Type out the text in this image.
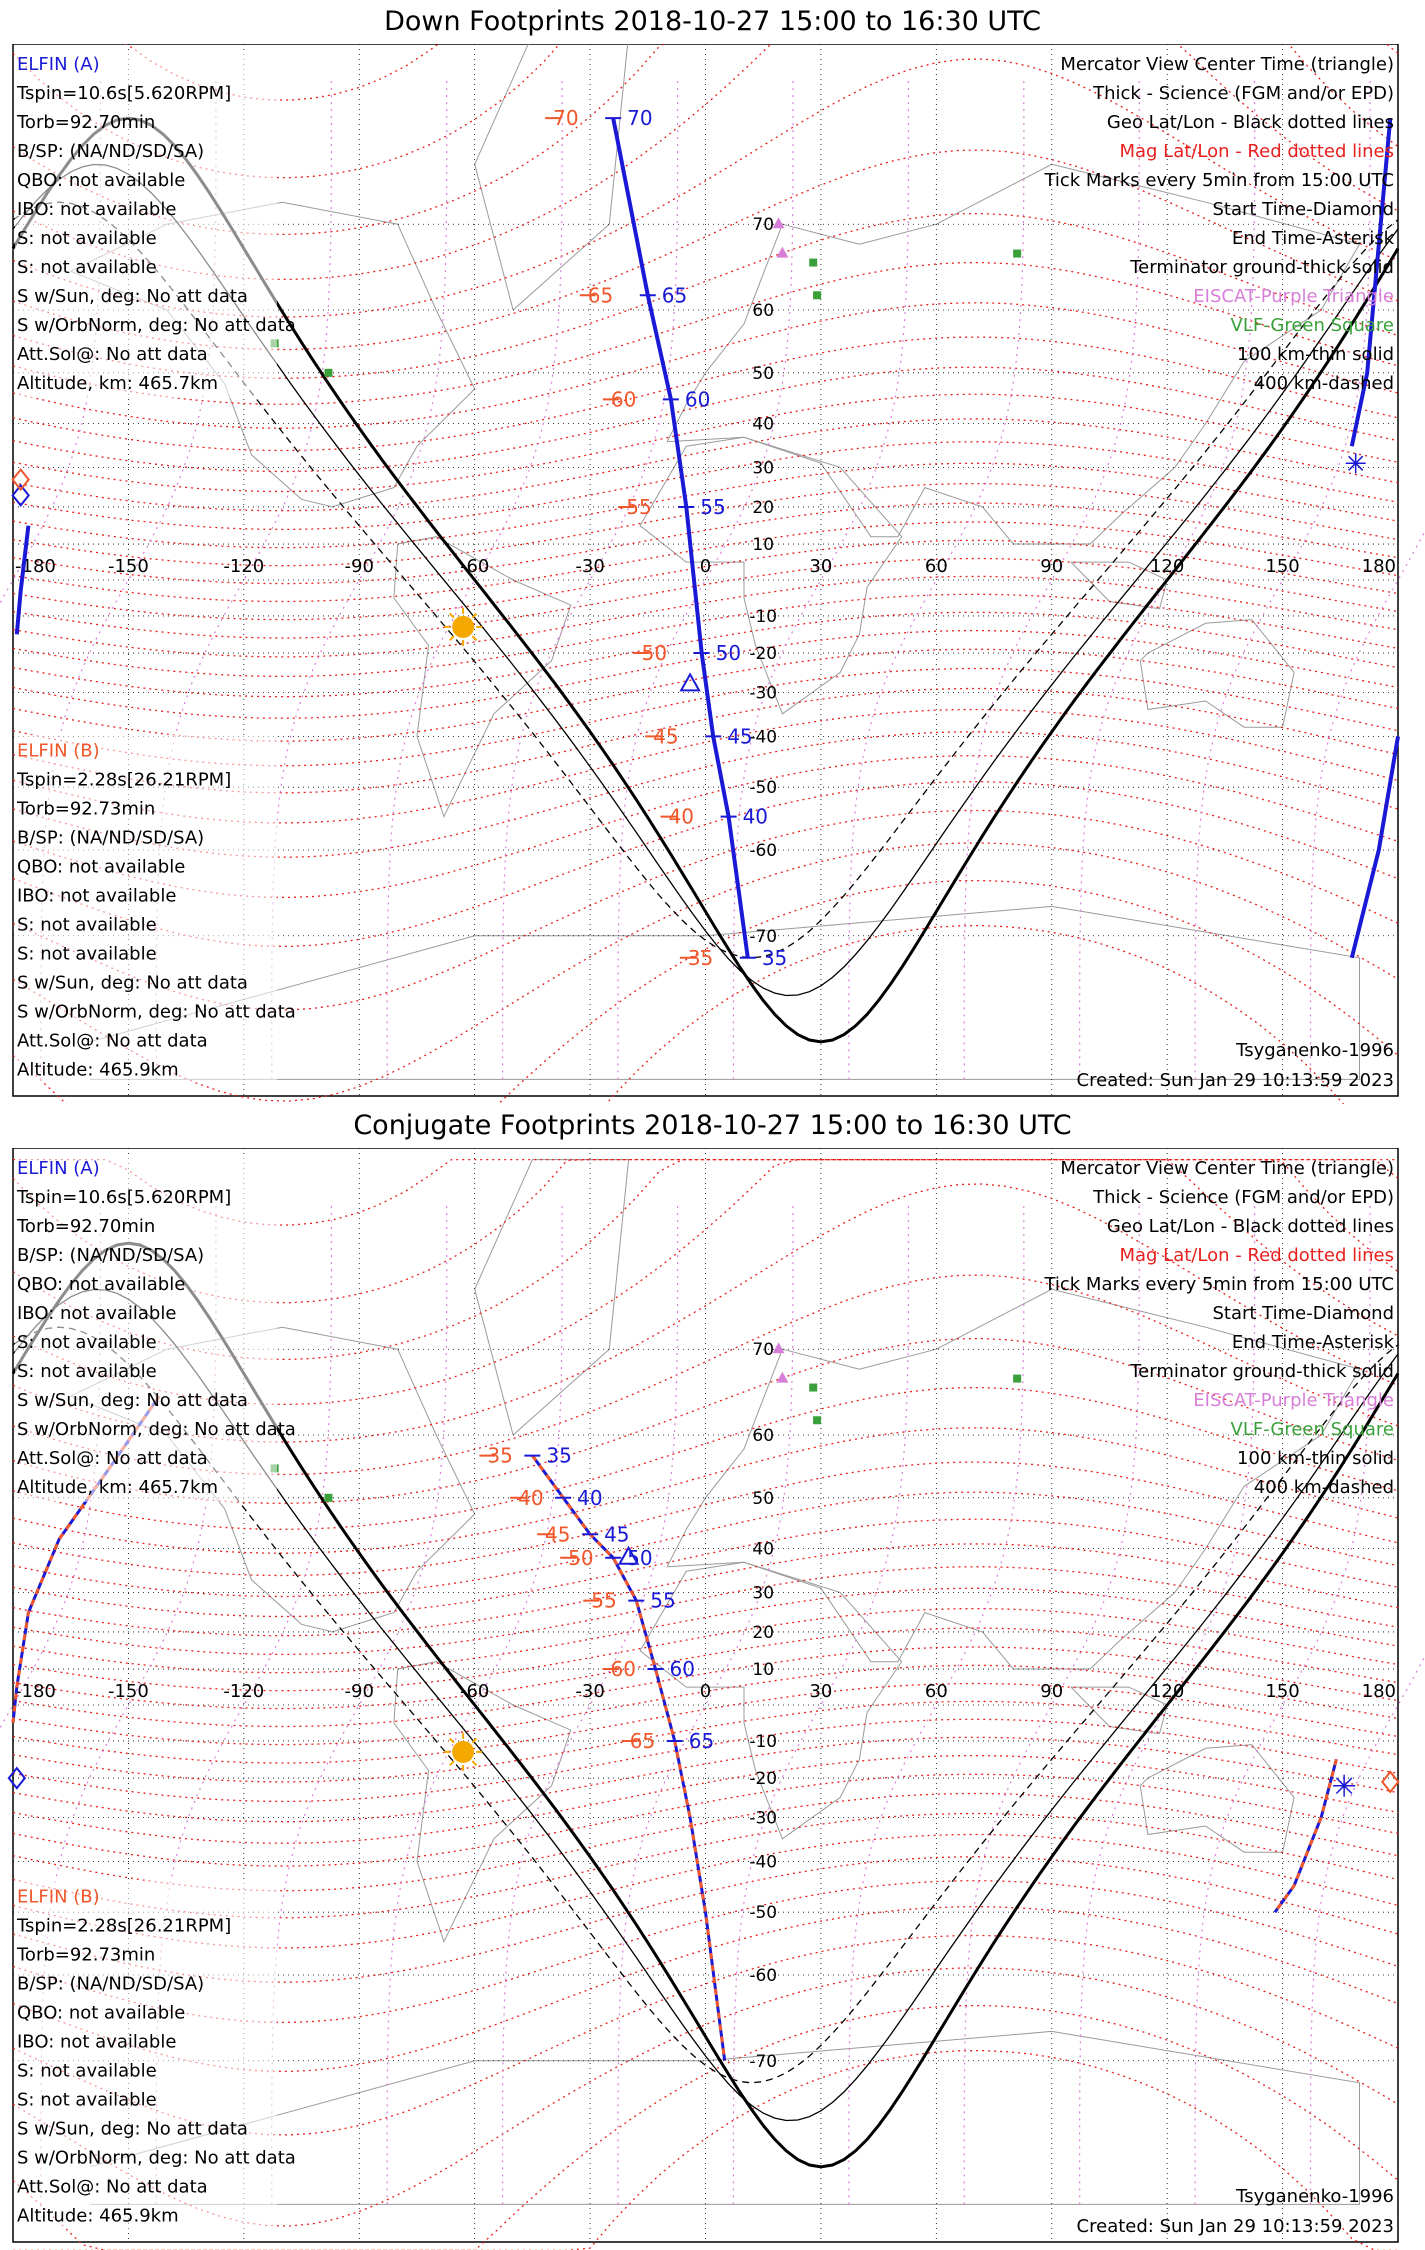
Down Footprints 2018-10-27 15:00 to 16:30 UTC
-180	-150	-120	-90	-60	-30	0	30	60	90	120	150	180
70
60
50
40
30
20
10
-10
-20
-30
-40
-50
-60
-70
70
65
60
55
50
45
40
35
70
65
60
55
50
45
40
35
ELFIN (A)
Tspin=10.6s[5.620RPM]
Torb=92.70min
B/SP: (NA/ND/SD/SA)
QBO: not available
IBO: not available
S: not available
S: not available
S w/Sun, deg: No att data
S w/OrbNorm, deg: No att data
Att.Sol@: No att data
Altitude, km: 465.7km
ELFIN (B)
Tspin=2.28s[26.21RPM]
Torb=92.73min
B/SP: (NA/ND/SD/SA)
QBO: not available
IBO: not available
S: not available
S: not available
S w/Sun, deg: No att data
S w/OrbNorm, deg: No att data
Att.Sol@: No att data
Altitude: 465.9km
Mercator View Center Time (triangle)
Thick - Science (FGM and/or EPD)
Geo Lat/Lon - Black dotted lines
Mag Lat/Lon - Red dotted lines
Tick Marks every 5min from 15:00 UTC
Start Time-Diamond
End Time-Asterisk
Terminator ground-thick solid
EISCAT-Purple Triangle
VLF-Green Square
100 km-thin solid
400 km-dashed
Tsyganenko-1996
Created: Sun Jan 29 10:13:59 2023
Conjugate Footprints 2018-10-27 15:00 to 16:30 UTC
-180	-150	-120	-90	-60	-30	0	30	60	90	120	150	180
70
60
50
40
30
20
10
-10
-20
-30
-40
-50
-60
-70
35
40
45
50
55
60
65
35
40
45
50
55
60
65
ELFIN (A)
Tspin=10.6s[5.620RPM]
Torb=92.70min
B/SP: (NA/ND/SD/SA)
QBO: not available
IBO: not available
S: not available
S: not available
S w/Sun, deg: No att data
S w/OrbNorm, deg: No att data
Att.Sol@: No att data
Altitude, km: 465.7km
ELFIN (B)
Tspin=2.28s[26.21RPM]
Torb=92.73min
B/SP: (NA/ND/SD/SA)
QBO: not available
IBO: not available
S: not available
S: not available
S w/Sun, deg: No att data
S w/OrbNorm, deg: No att data
Att.Sol@: No att data
Altitude: 465.9km
Mercator View Center Time (triangle)
Thick - Science (FGM and/or EPD)
Geo Lat/Lon - Black dotted lines
Mag Lat/Lon - Red dotted lines
Tick Marks every 5min from 15:00 UTC
Start Time-Diamond
End Time-Asterisk
Terminator ground-thick solid
EISCAT-Purple Triangle
VLF-Green Square
100 km-thin solid
400 km-dashed
Tsyganenko-1996
Created: Sun Jan 29 10:13:59 2023
